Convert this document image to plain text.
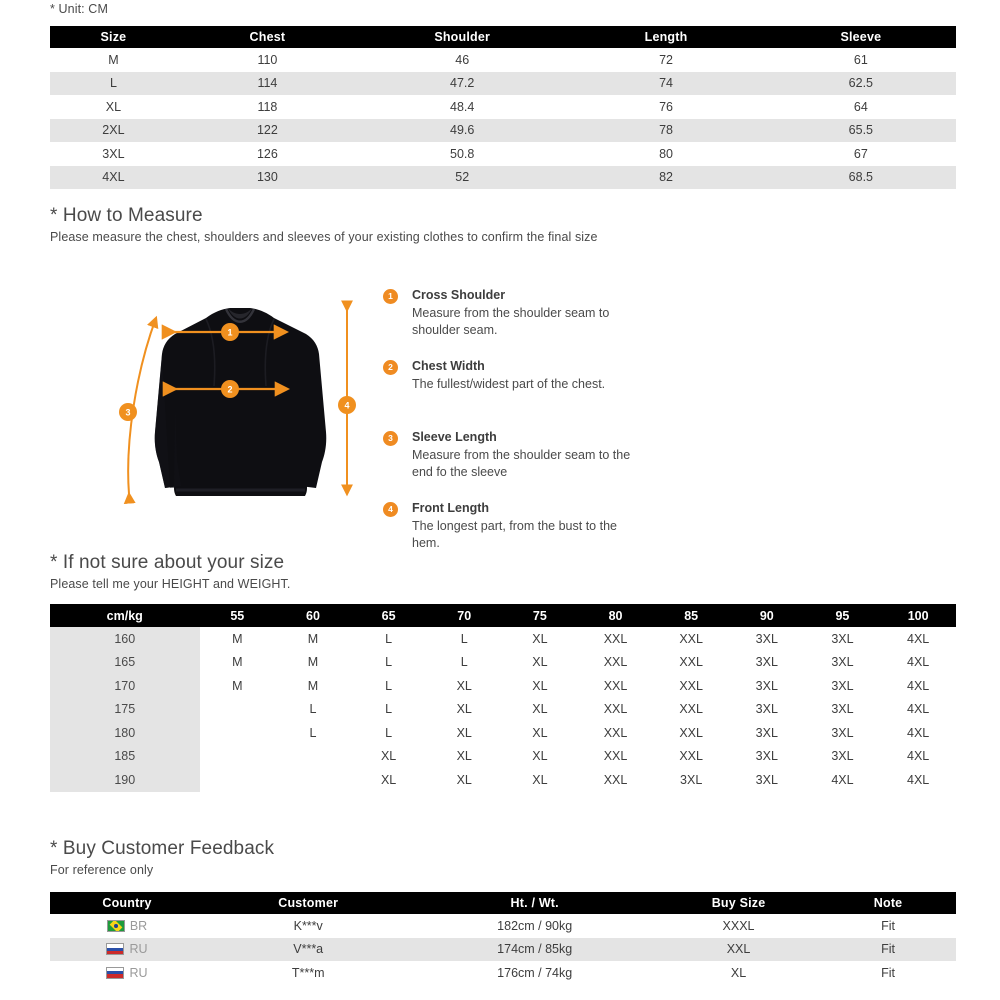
* Unit: CM
Size	Chest	Shoulder	Length	Sleeve
M	110	46	72	61
L	114	47.2	74	62.5
XL	118	48.4	76	64
2XL	122	49.6	78	65.5
3XL	126	50.8	80	67
4XL	130	52	82	68.5
* How to Measure
Please measure the chest, shoulders and sleeves of your existing clothes to confirm the final size
1
2
3
4
1	Cross Shoulder
Measure from the shoulder seam to shoulder seam.
2	Chest Width
The fullest/widest part of the chest.
3	Sleeve Length
Measure from the shoulder seam to the end fo the sleeve
4	Front Length
The longest part, from the bust to the hem.
* If not sure about your size
Please tell me your HEIGHT and WEIGHT.
cm/kg	55	60	65	70	75	80	85	90	95	100
160	M	M	L	L	XL	XXL	XXL	3XL	3XL	4XL
165	M	M	L	L	XL	XXL	XXL	3XL	3XL	4XL
170	M	M	L	XL	XL	XXL	XXL	3XL	3XL	4XL
175		L	L	XL	XL	XXL	XXL	3XL	3XL	4XL
180		L	L	XL	XL	XXL	XXL	3XL	3XL	4XL
185			XL	XL	XL	XXL	XXL	3XL	3XL	4XL
190			XL	XL	XL	XXL	3XL	3XL	4XL	4XL
* Buy Customer Feedback
For reference only
Country	Customer	Ht. / Wt.	Buy Size	Note

BR	K***v	182cm / 90kg	XXXL	Fit

RU	V***a	174cm / 85kg	XXL	Fit

RU	T***m	176cm / 74kg	XL	Fit
